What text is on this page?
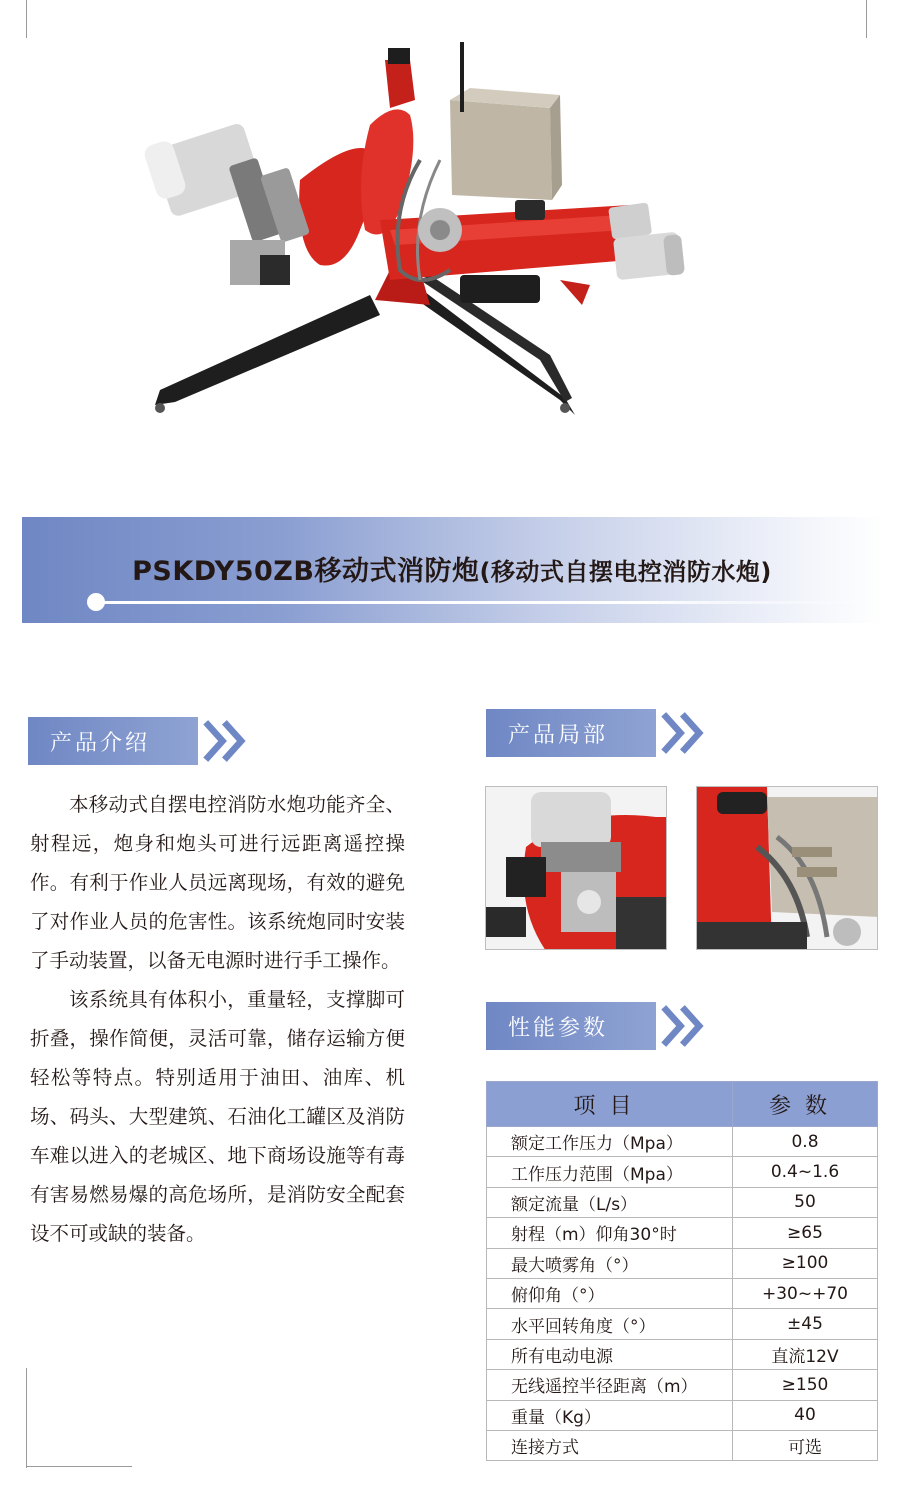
PSKDY50ZB移动式消防炮(移动式自摆电控消防水炮)
产品介绍

本移动式自摆电控消防水炮功能齐全、射程远，炮身和炮头可进行远距离遥控操作。有利于作业人员远离现场，有效的避免了对作业人员的危害性。该系统炮同时安装了手动装置，以备无电源时进行手工操作。

该系统具有体积小，重量轻，支撑脚可折叠，操作简便，灵活可靠，储存运输方便轻松等特点。特别适用于油田、油库、机场、码头、大型建筑、石油化工罐区及消防车难以进入的老城区、地下商场设施等有毒有害易燃易爆的高危场所，是消防安全配套设不可或缺的装备。

产品局部
性能参数
项目	参数
额定工作压力（Mpa）	0.8
工作压力范围（Mpa）	0.4~1.6
额定流量（L/s）	50
射程（m）仰角30°时	≥65
最大喷雾角（°）	≥100
俯仰角（°）	+30~+70
水平回转角度（°）	±45
所有电动电源	直流12V
无线遥控半径距离（m）	≥150
重量（Kg）	40
连接方式	可选
